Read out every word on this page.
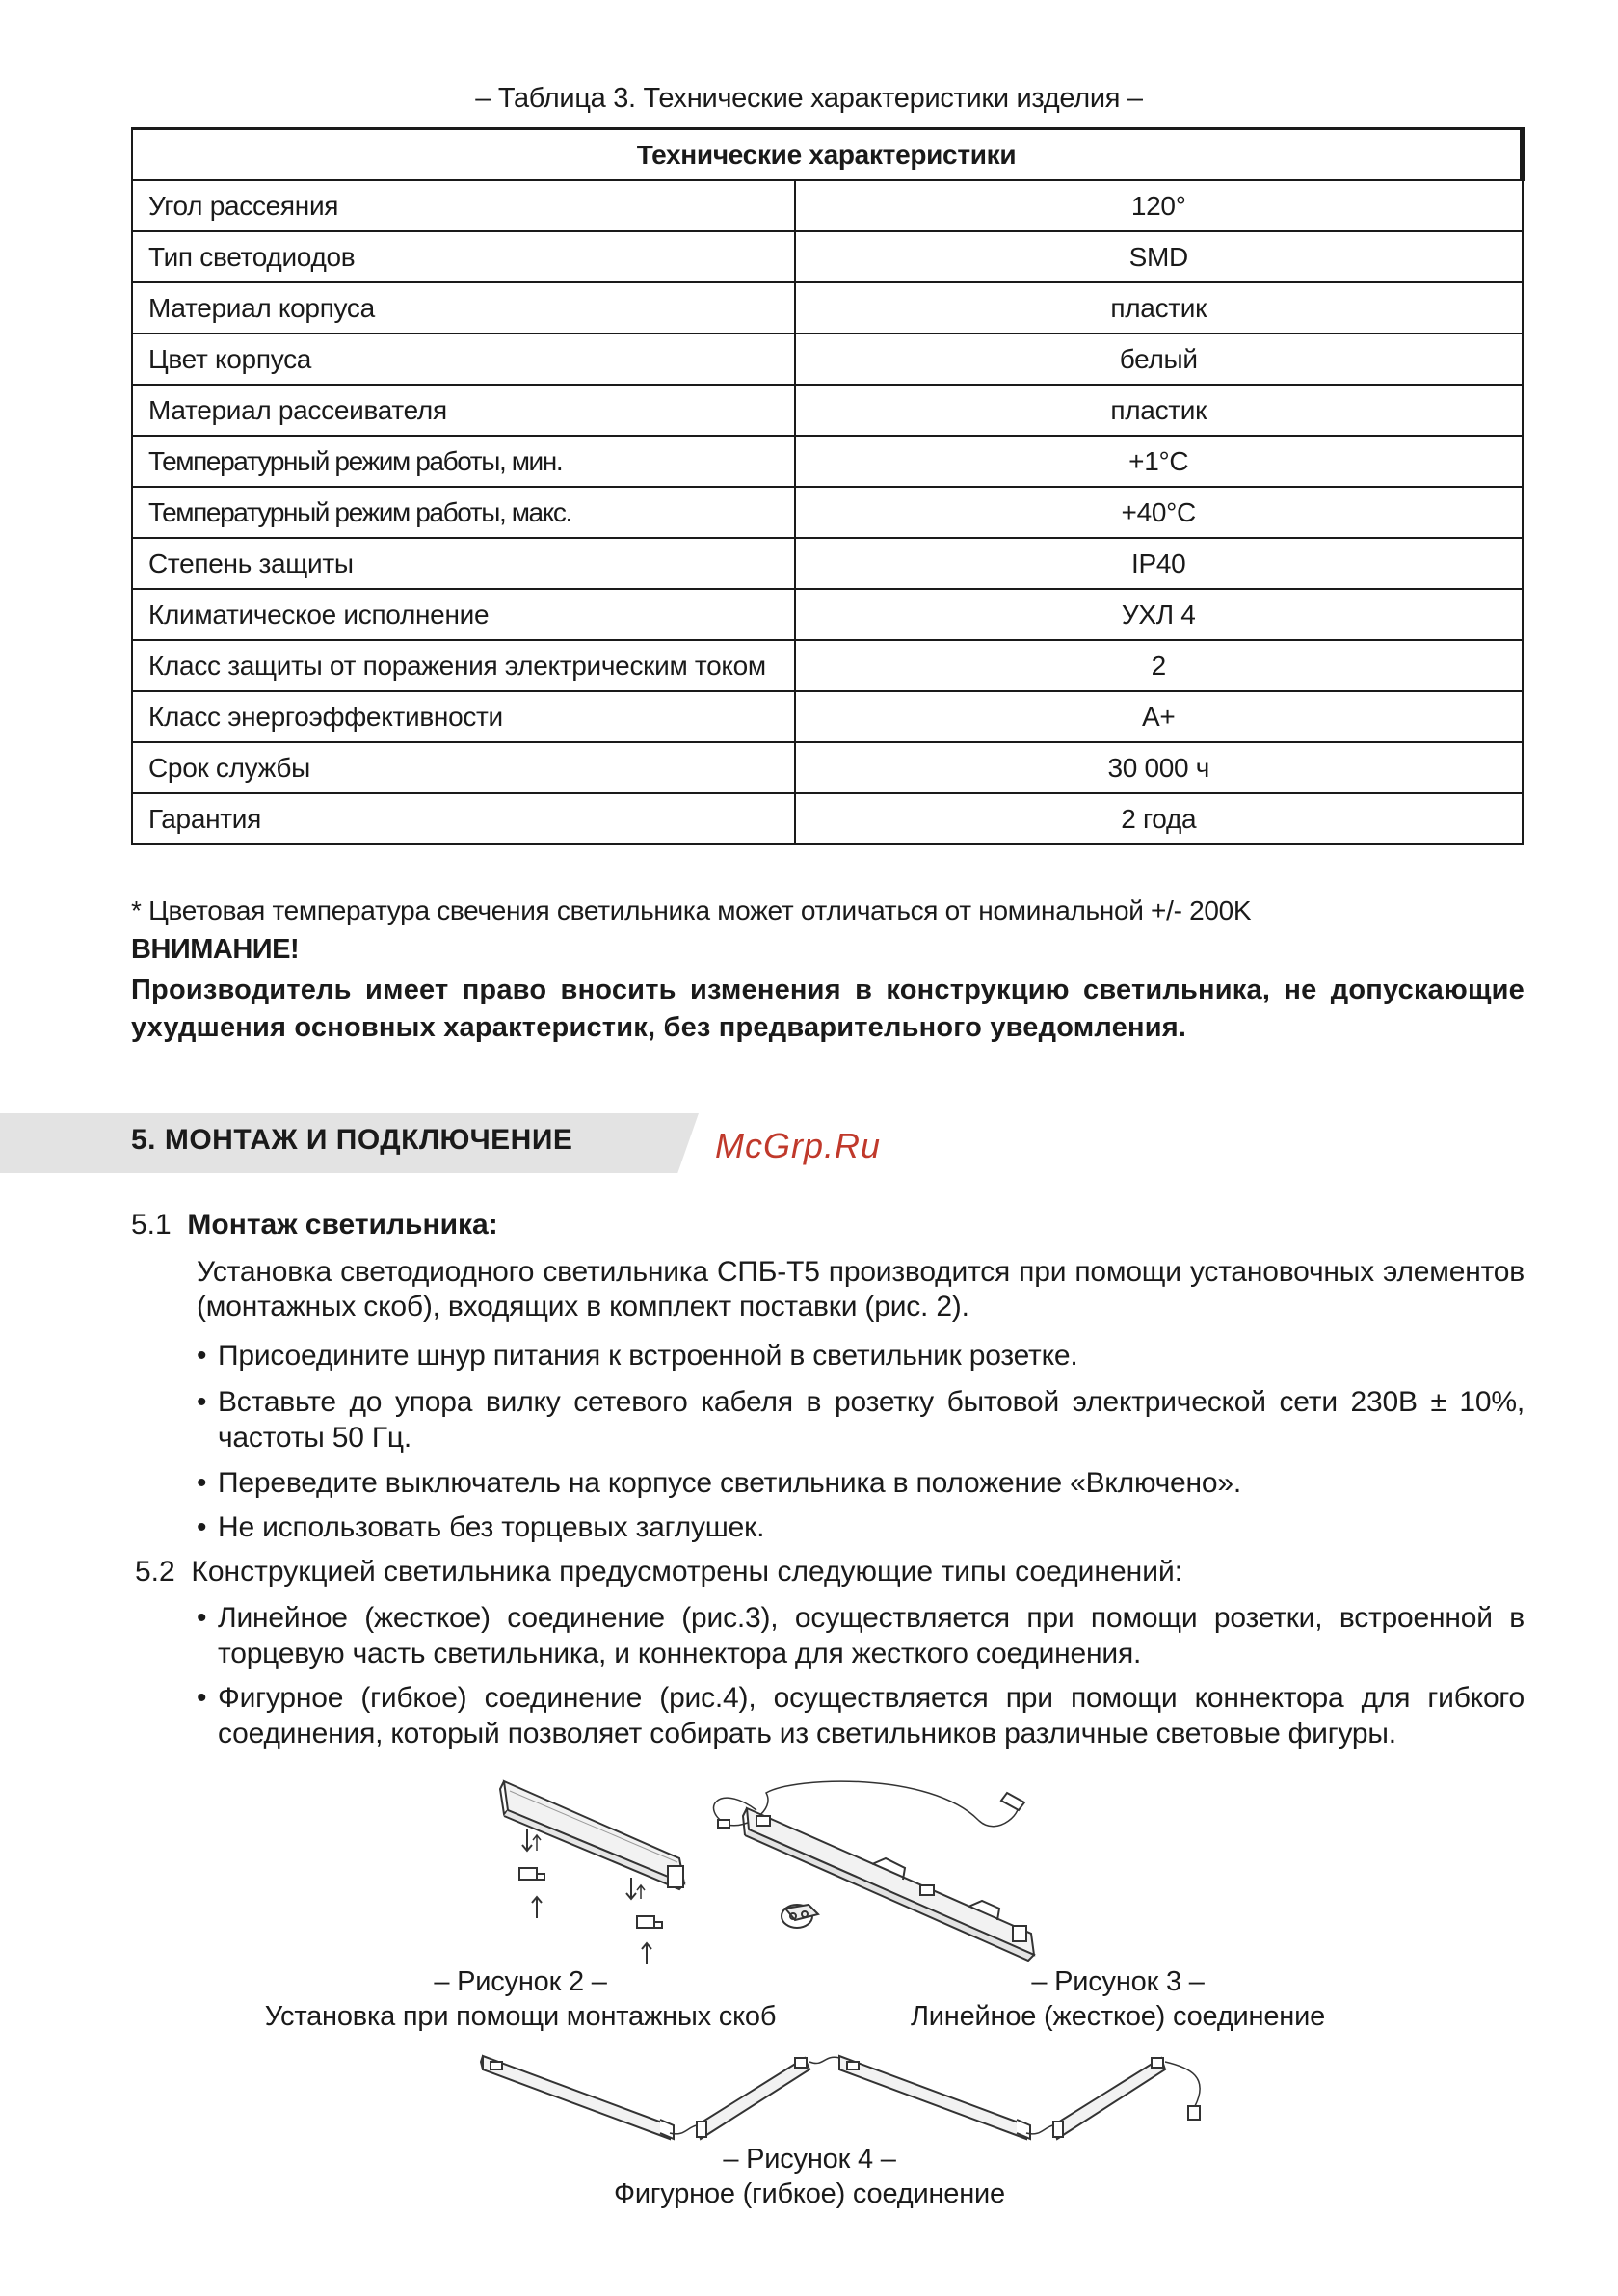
– Таблица 3. Технические характеристики изделия –
Технические характеристики	
Угол рассеяния	120°
Тип светодиодов	SMD
Материал корпуса	пластик
Цвет корпуса	белый
Материал рассеивателя	пластик
Температурный режим работы, мин.	+1°C
Температурный режим работы, макс.	+40°C
Степень защиты	IP40
Климатическое исполнение	УХЛ 4
Класс защиты от поражения электрическим током	2
Класс энергоэффективности	А+
Срок службы	30 000 ч
Гарантия	2 года
* Цветовая температура свечения светильника может отличаться от номинальной +/- 200K
ВНИМАНИЕ!
Производитель имеет право вносить изменения в конструкцию светильника, не допускающие ухудшения основных характеристик, без предварительного уведомления.
5. МОНТАЖ И ПОДКЛЮЧЕНИЕ	McGrp.Ru
5.1 Монтаж светильника:
Установка светодиодного светильника СПБ-Т5 производится при помощи установочных элементов (монтажных скоб), входящих в комплект поставки (рис. 2).
• Присоедините шнур питания к встроенной в светильник розетке.
• Вставьте до упора вилку сетевого кабеля в розетку бытовой электрической сети 230В ± 10%, частоты 50 Гц.
• Переведите выключатель на корпусе светильника в положение «Включено».
• Не использовать без торцевых заглушек.
5.2 Конструкцией светильника предусмотрены следующие типы соединений:
• Линейное (жесткое) соединение (рис.3), осуществляется при помощи розетки, встроенной в торцевую часть светильника, и коннектора для жесткого соединения.
• Фигурное (гибкое) соединение (рис.4), осуществляется при помощи коннектора для гибкого соединения, который позволяет собирать из светильников различные световые фигуры.
– Рисунок 2 –
Установка при помощи монтажных скоб
– Рисунок 3 –
Линейное (жесткое) соединение
– Рисунок 4 –
Фигурное (гибкое) соединение
